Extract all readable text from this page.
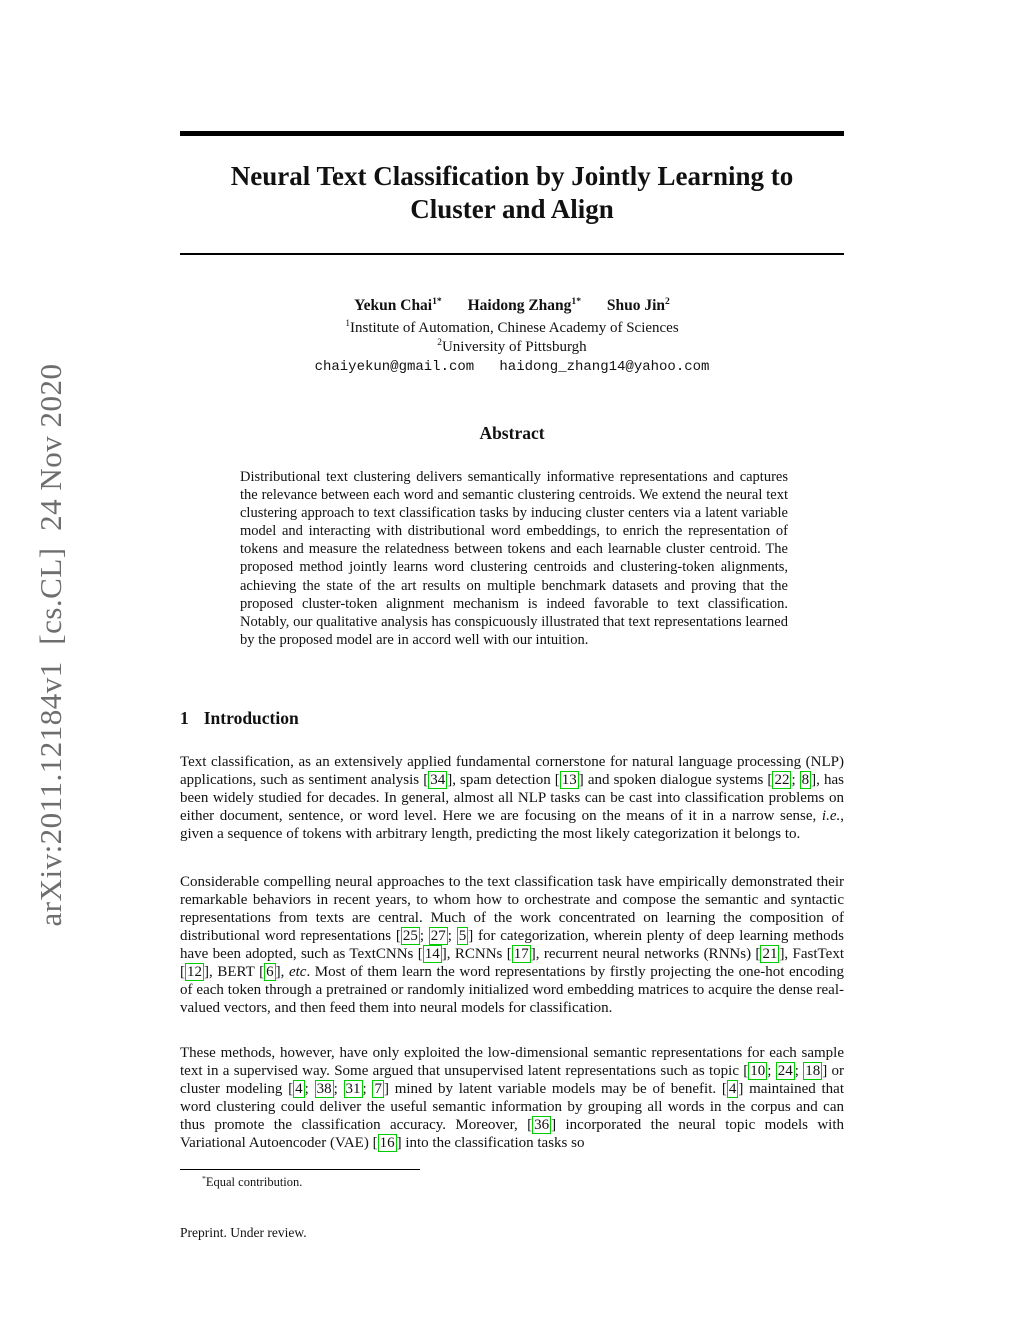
arXiv:2011.12184v1  [cs.CL]  24 Nov 2020
Neural Text Classification by Jointly Learning to
Cluster and Align
Yekun Chai$^{1*}$ Haidong Zhang$^{1*}$ Shuo Jin$^2$
$^1$Institute of Automation, Chinese Academy of Sciences
$^2$University of Pittsburgh
chaiyekun@gmail.com   haidong_zhang14@yahoo.com
Abstract
Distributional text clustering delivers semantically informative representations and captures the relevance between each word and semantic clustering centroids. We extend the neural text clustering approach to text classification tasks by inducing cluster centers via a latent variable model and interacting with distributional word embeddings, to enrich the representation of tokens and measure the relatedness between tokens and each learnable cluster centroid. The proposed method jointly learns word clustering centroids and clustering-token alignments, achieving the state of the art results on multiple benchmark datasets and proving that the proposed cluster-token alignment mechanism is indeed favorable to text classification. Notably, our qualitative analysis has conspicuously illustrated that text representations learned by the proposed model are in accord well with our intuition.
1 Introduction
Text classification, as an extensively applied fundamental cornerstone for natural language processing (NLP) applications, such as sentiment analysis [ 34 ], spam detection [ 13 ] and spoken dialogue systems [ 22 ; 8 ], has been widely studied for decades. In general, almost all NLP tasks can be cast into classification problems on either document, sentence, or word level. Here we are focusing on the means of it in a narrow sense, i.e., given a sequence of tokens with arbitrary length, predicting the most likely categorization it belongs to.
Considerable compelling neural approaches to the text classification task have empirically demonstrated their remarkable behaviors in recent years, to whom how to orchestrate and compose the semantic and syntactic representations from texts are central. Much of the work concentrated on learning the composition of distributional word representations [ 25 ; 27 ; 5 ] for categorization, wherein plenty of deep learning methods have been adopted, such as TextCNNs [ 14 ], RCNNs [ 17 ], recurrent neural networks (RNNs) [ 21 ], FastText [ 12 ], BERT [ 6 ], etc. Most of them learn the word representations by firstly projecting the one-hot encoding of each token through a pretrained or randomly initialized word embedding matrices to acquire the dense real-valued vectors, and then feed them into neural models for classification.
These methods, however, have only exploited the low-dimensional semantic representations for each sample text in a supervised way. Some argued that unsupervised latent representations such as topic [ 10 ; 24 ; 18 ] or cluster modeling [ 4 ; 38 ; 31 ; 7 ] mined by latent variable models may be of benefit. [ 4 ] maintained that word clustering could deliver the useful semantic information by grouping all words in the corpus and can thus promote the classification accuracy. Moreover, [ 36 ] incorporated the neural topic models with Variational Autoencoder (VAE) [ 16 ] into the classification tasks so
*Equal contribution.
Preprint. Under review.
